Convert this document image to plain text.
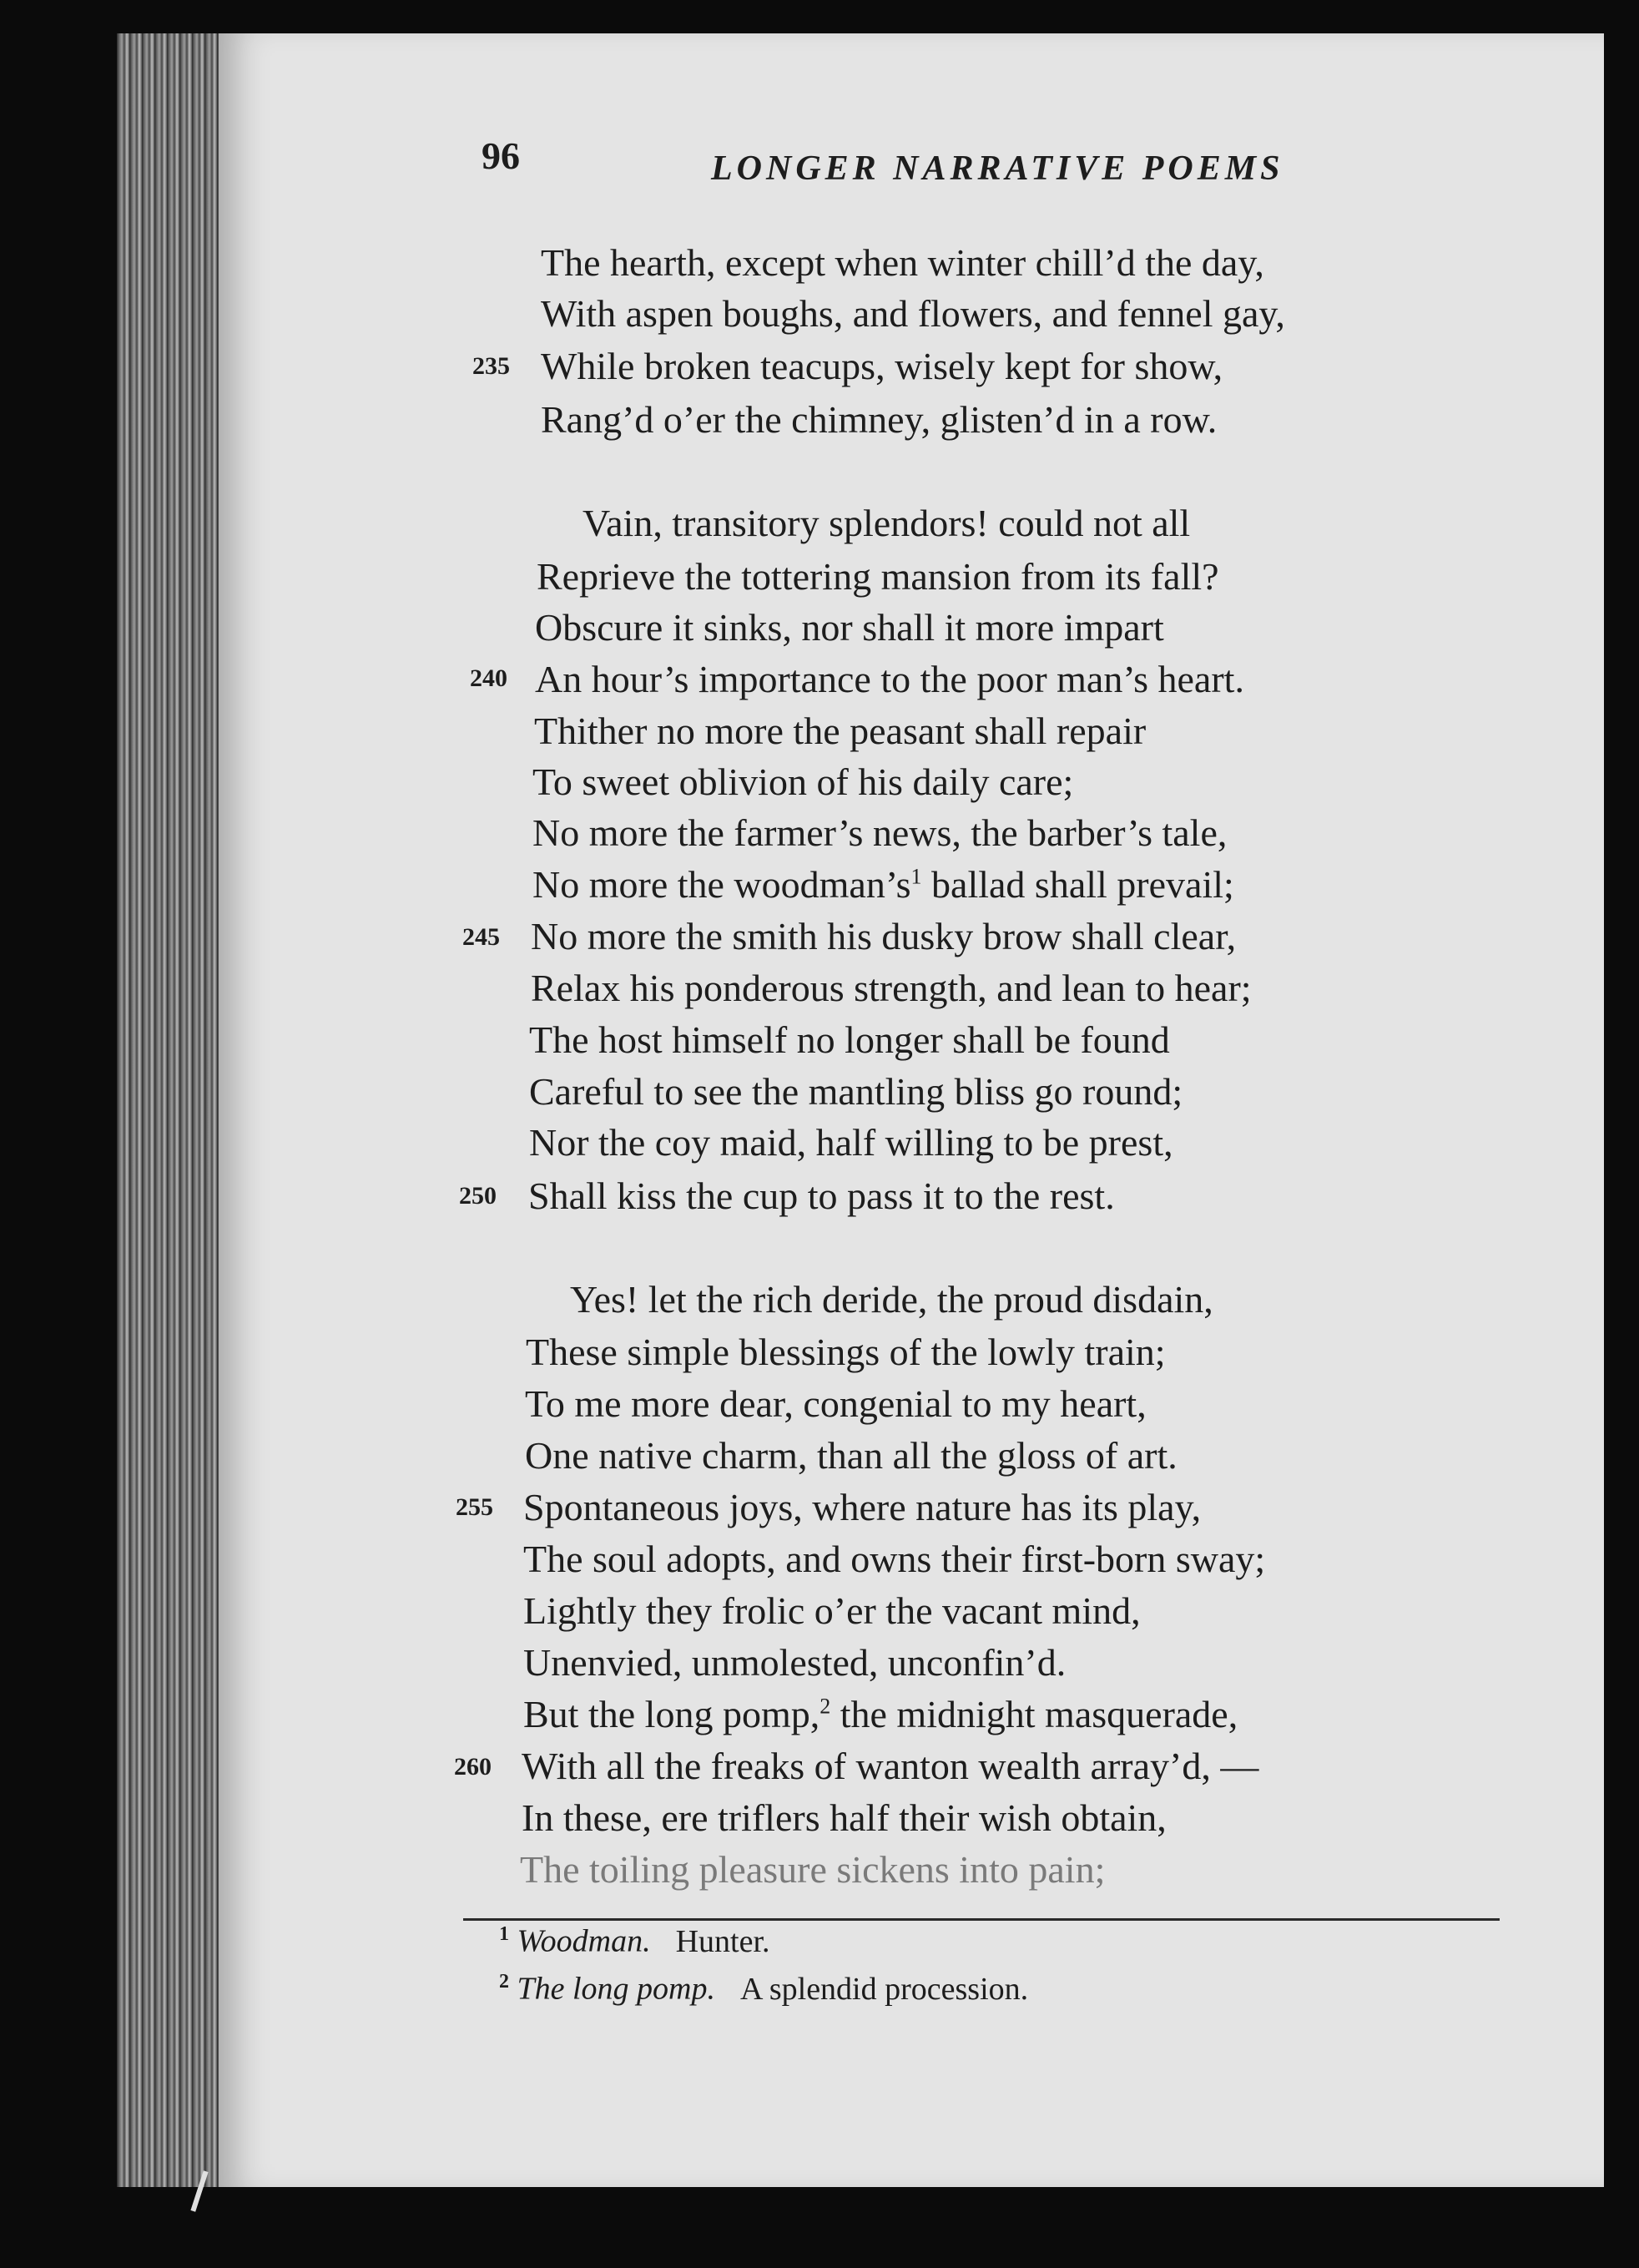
96	LONGER NARRATIVE POEMS
The hearth, except when winter chill’d the day,
With aspen boughs, and flowers, and fennel gay,
235 While broken teacups, wisely kept for show,
Rang’d o’er the chimney, glisten’d in a row.
Vain, transitory splendors! could not all
Reprieve the tottering mansion from its fall?
Obscure it sinks, nor shall it more impart
240 An hour’s importance to the poor man’s heart.
Thither no more the peasant shall repair
To sweet oblivion of his daily care;
No more the farmer’s news, the barber’s tale,
No more the $woodman’s^1$ ballad shall prevail;
245 No more the smith his dusky brow shall clear,
Relax his ponderous strength, and lean to hear;
The host himself no longer shall be found
Careful to see the mantling bliss go round;
Nor the coy maid, half willing to be prest,
250 Shall kiss the cup to pass it to the rest.
Yes! let the rich deride, the proud disdain,
These simple blessings of the lowly train;
To me more dear, congenial to my heart,
One native charm, than all the gloss of art.
255 Spontaneous joys, where nature has its play,
The soul adopts, and owns their first-born sway;
Lightly they frolic o’er the vacant mind,
Unenvied, unmolested, unconfin’d.
But the long pomp,$^2$ the midnight masquerade,
260 With all the freaks of wanton wealth array’d, —
In these, ere triflers half their wish obtain,
The toiling pleasure sickens into pain;
$^1$ Woodman. Hunter.
$^2$ The long pomp. A splendid procession.
